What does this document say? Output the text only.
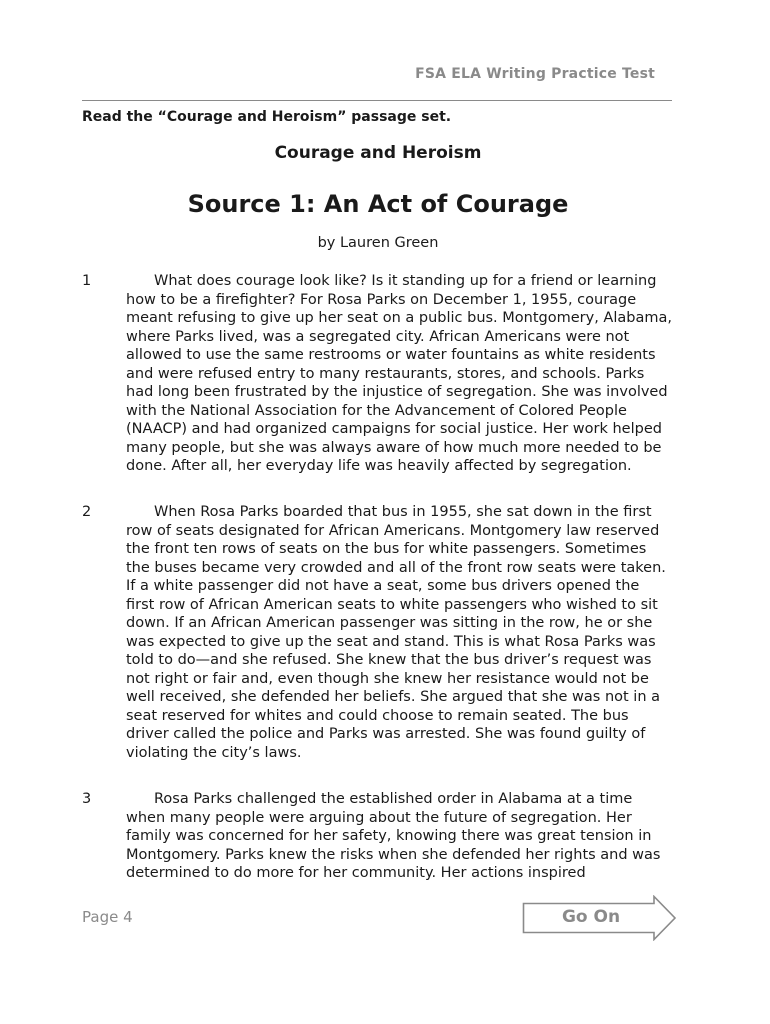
FSA ELA Writing Practice Test
Read the “Courage and Heroism” passage set.
Courage and Heroism
Source 1: An Act of Courage
by Lauren Green
1	What does courage look like? Is it standing up for a friend or learning how to be a firefighter? For Rosa Parks on December 1, 1955, courage meant refusing to give up her seat on a public bus. Montgomery, Alabama, where Parks lived, was a segregated city. African Americans were not allowed to use the same restrooms or water fountains as white residents and were refused entry to many restaurants, stores, and schools. Parks had long been frustrated by the injustice of segregation. She was involved with the National Association for the Advancement of Colored People (NAACP) and had organized campaigns for social justice. Her work helped many people, but she was always aware of how much more needed to be done. After all, her everyday life was heavily affected by segregation.
2	When Rosa Parks boarded that bus in 1955, she sat down in the first row of seats designated for African Americans. Montgomery law reserved the front ten rows of seats on the bus for white passengers. Sometimes the buses became very crowded and all of the front row seats were taken. If a white passenger did not have a seat, some bus drivers opened the first row of African American seats to white passengers who wished to sit down. If an African American passenger was sitting in the row, he or she was expected to give up the seat and stand. This is what Rosa Parks was told to do—and she refused. She knew that the bus driver’s request was not right or fair and, even though she knew her resistance would not be well received, she defended her beliefs. She argued that she was not in a seat reserved for whites and could choose to remain seated. The bus driver called the police and Parks was arrested. She was found guilty of violating the city’s laws.
3	Rosa Parks challenged the established order in Alabama at a time when many people were arguing about the future of segregation. Her family was concerned for her safety, knowing there was great tension in Montgomery. Parks knew the risks when she defended her rights and was determined to do more for her community. Her actions inspired
Page 4	Go On
